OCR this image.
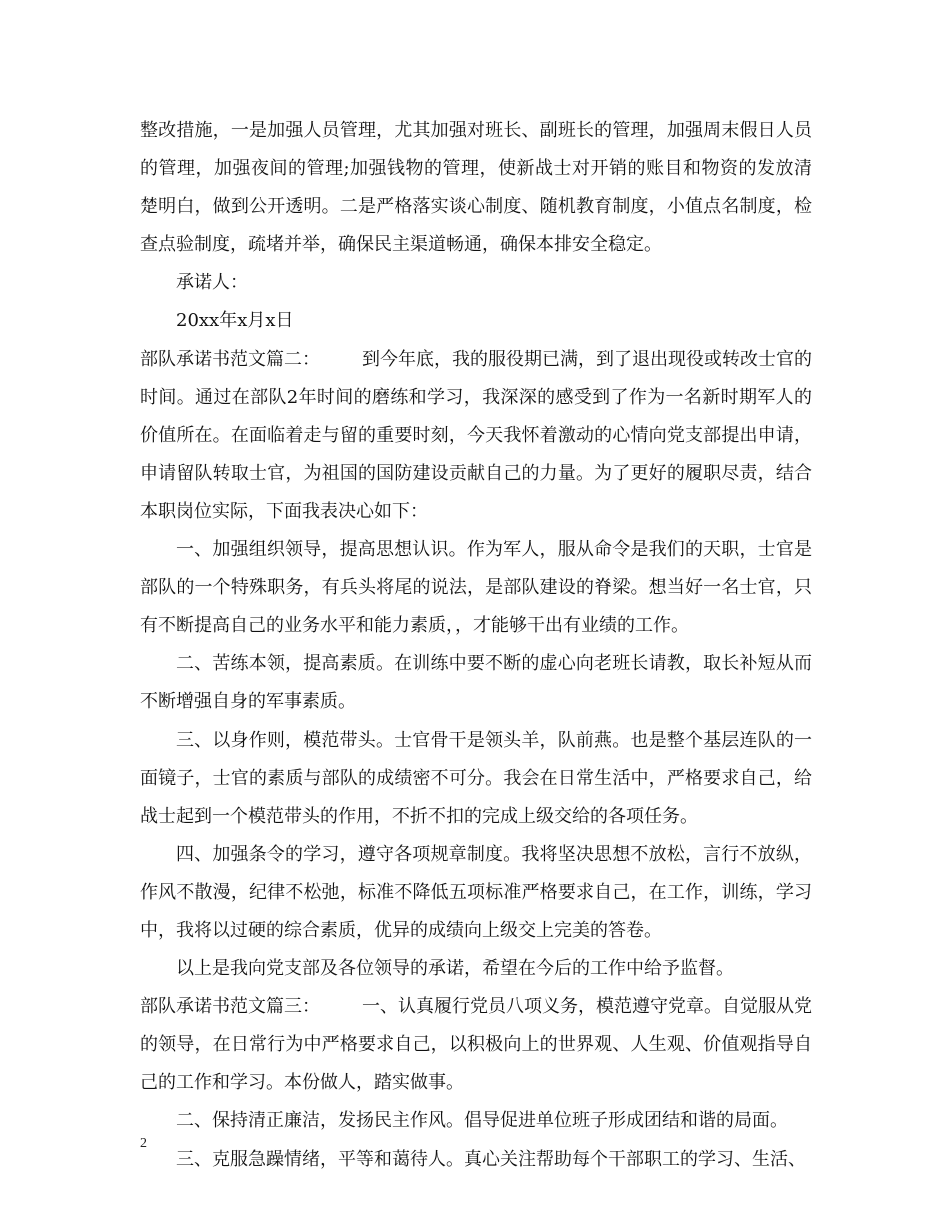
整改措施，一是加强人员管理，尤其加强对班长、副班长的管理，加强周末假日人员的管理，加强夜间的管理;加强钱物的管理，使新战士对开销的账目和物资的发放清楚明白，做到公开透明。二是严格落实谈心制度、随机教育制度，小值点名制度，检查点验制度，疏堵并举，确保民主渠道畅通，确保本排安全稳定。

承诺人：

20xx年x月x日

部队承诺书范文篇二： 到今年底，我的服役期已满，到了退出现役或转改士官的时间。通过在部队2年时间的磨练和学习，我深深的感受到了作为一名新时期军人的价值所在。在面临着走与留的重要时刻，今天我怀着激动的心情向党支部提出申请，申请留队转取士官，为祖国的国防建设贡献自己的力量。为了更好的履职尽责，结合本职岗位实际，下面我表决心如下：

一、加强组织领导，提高思想认识。作为军人，服从命令是我们的天职，士官是部队的一个特殊职务，有兵头将尾的说法，是部队建设的脊梁。想当好一名士官，只有不断提高自己的业务水平和能力素质，，才能够干出有业绩的工作。

二、苦练本领，提高素质。在训练中要不断的虚心向老班长请教，取长补短从而不断增强自身的军事素质。

三、以身作则，模范带头。士官骨干是领头羊，队前燕。也是整个基层连队的一面镜子，士官的素质与部队的成绩密不可分。我会在日常生活中，严格要求自己，给战士起到一个模范带头的作用，不折不扣的完成上级交给的各项任务。

四、加强条令的学习，遵守各项规章制度。我将坚决思想不放松，言行不放纵，作风不散漫，纪律不松弛，标准不降低五项标准严格要求自己，在工作，训练，学习中，我将以过硬的综合素质，优异的成绩向上级交上完美的答卷。

以上是我向党支部及各位领导的承诺，希望在今后的工作中给予监督。

部队承诺书范文篇三： 一、认真履行党员八项义务，模范遵守党章。自觉服从党的领导，在日常行为中严格要求自己，以积极向上的世界观、人生观、价值观指导自己的工作和学习。本份做人，踏实做事。

二、保持清正廉洁，发扬民主作风。倡导促进单位班子形成团结和谐的局面。

三、克服急躁情绪，平等和蔼待人。真心关注帮助每个干部职工的学习、生活、

2
